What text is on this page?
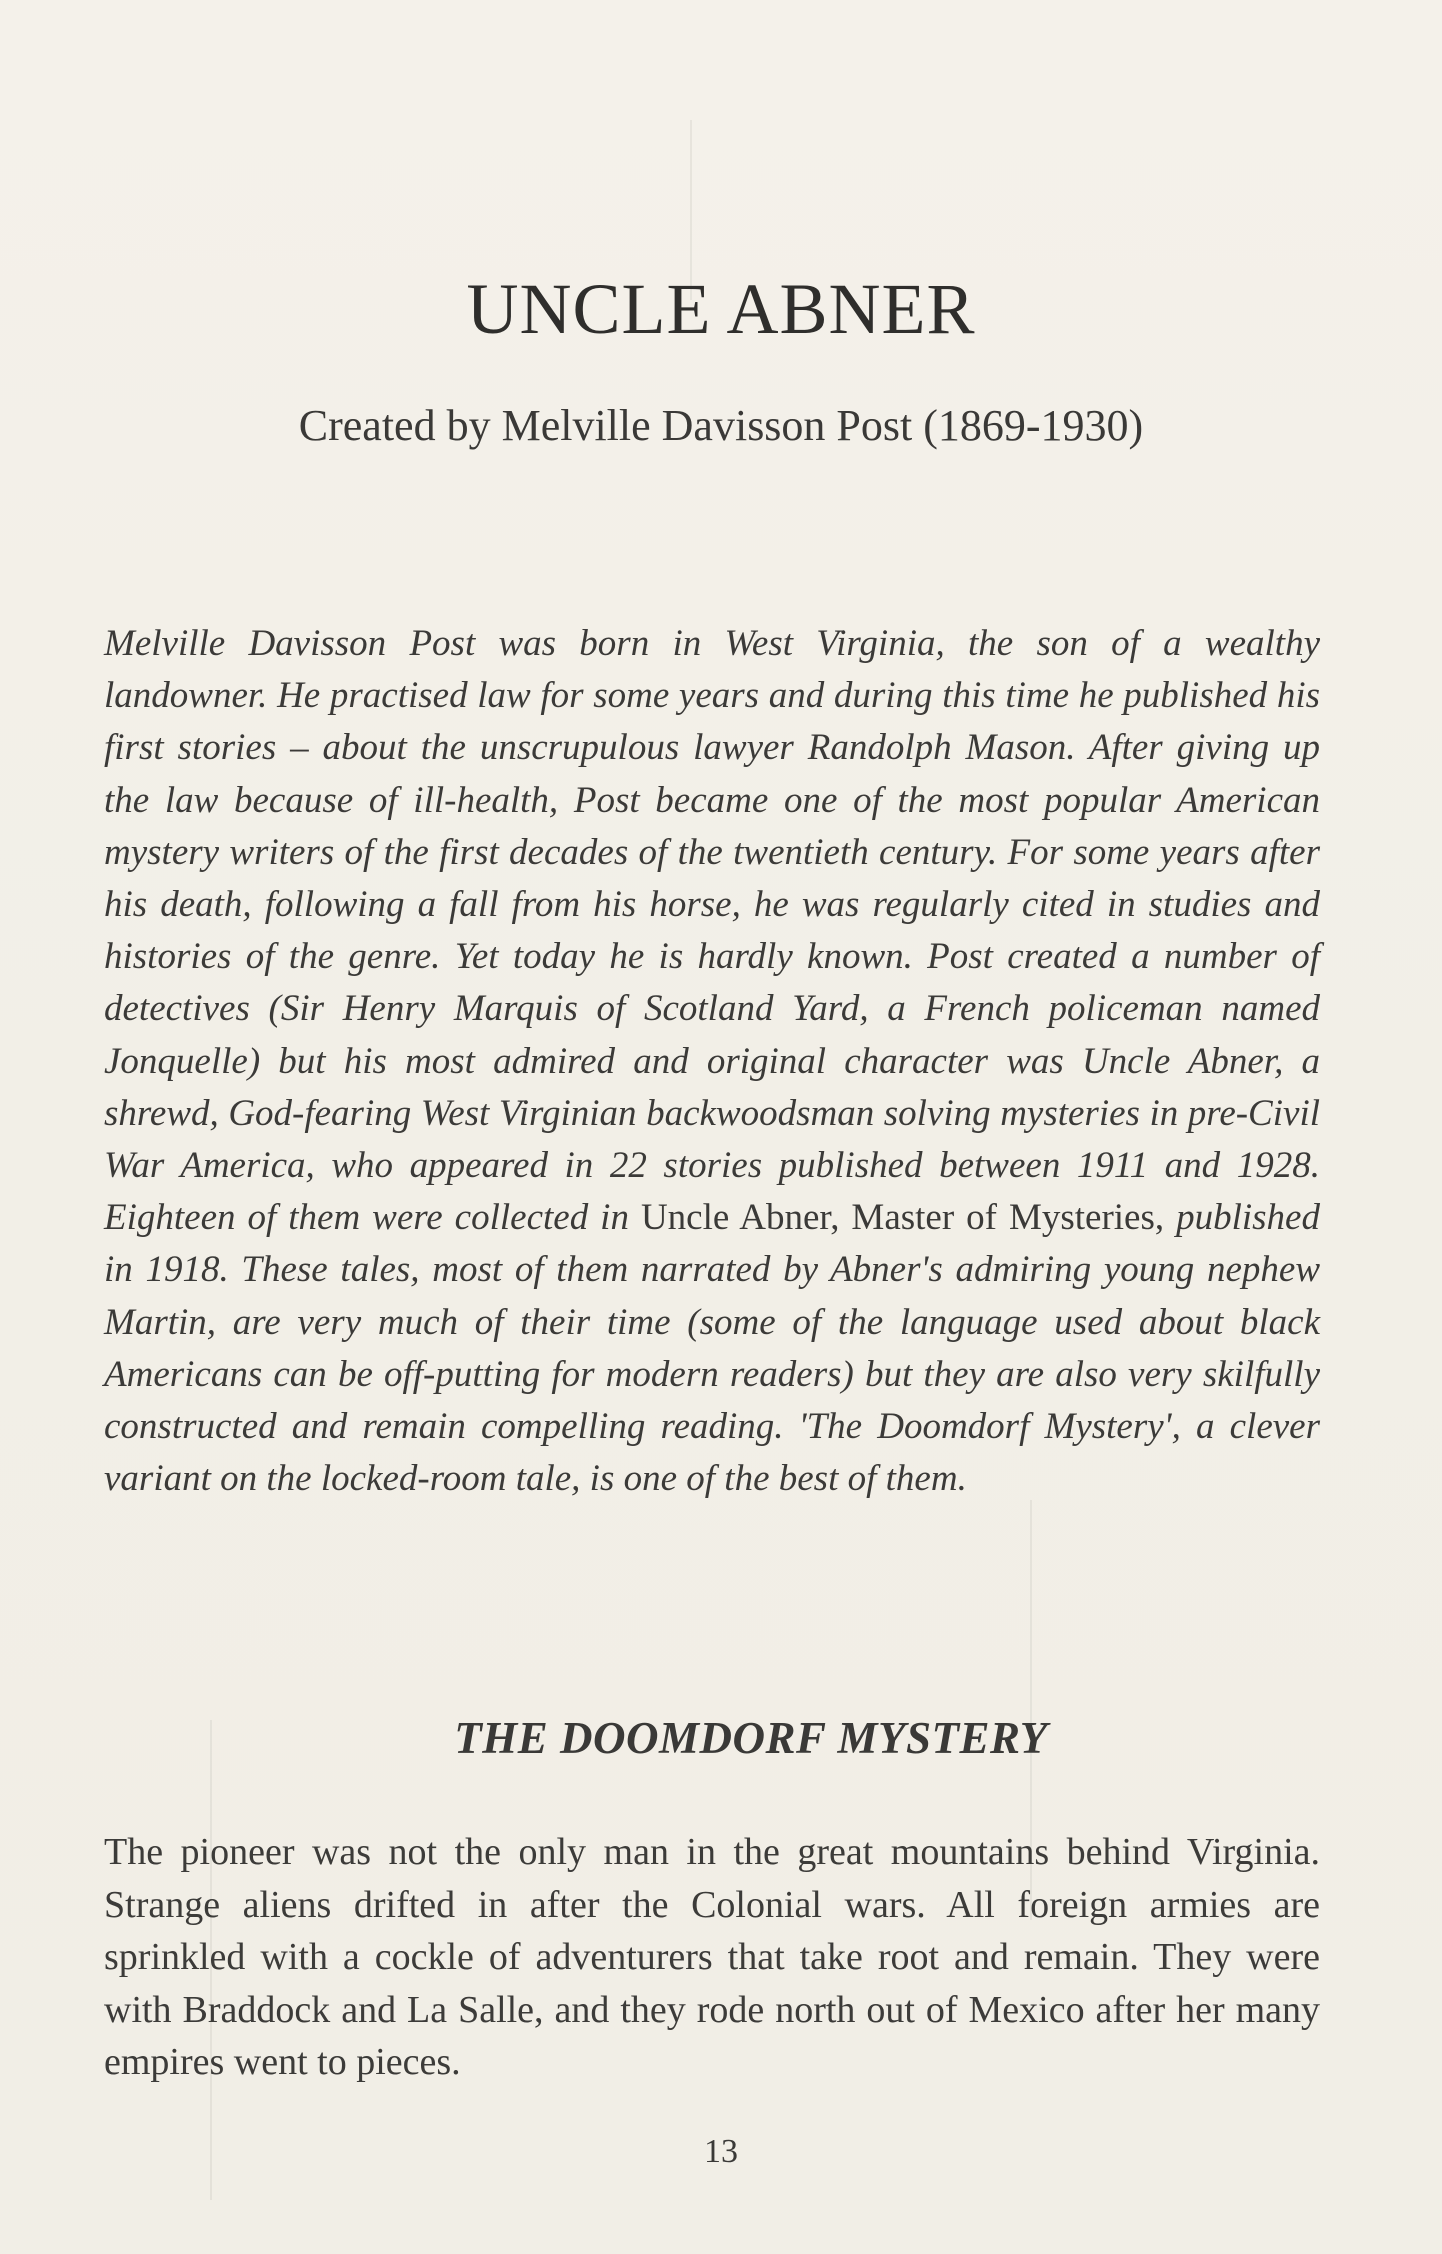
UNCLE ABNER
Created by Melville Davisson Post (1869-1930)

Melville Davisson Post was born in West Virginia, the son of a wealthy landowner. He practised law for some years and during this time he published his first stories – about the unscrupulous lawyer Randolph Mason. After giving up the law because of ill-health, Post became one of the most popular American mystery writers of the first decades of the twentieth century. For some years after his death, following a fall from his horse, he was regularly cited in studies and histories of the genre. Yet today he is hardly known. Post created a number of detectives (Sir Henry Marquis of Scotland Yard, a French policeman named Jonquelle) but his most admired and original character was Uncle Abner, a shrewd, God-fearing West Virginian backwoodsman solving mysteries in pre-Civil War America, who appeared in 22 stories published between 1911 and 1928. Eighteen of them were collected in Uncle Abner, Master of Mysteries, published in 1918. These tales, most of them narrated by Abner's admiring young nephew Martin, are very much of their time (some of the language used about black Americans can be off-putting for modern readers) but they are also very skilfully constructed and remain compelling reading. 'The Doomdorf Mystery', a clever variant on the locked-room tale, is one of the best of them.

THE DOOMDORF MYSTERY

The pioneer was not the only man in the great mountains behind Virginia. Strange aliens drifted in after the Colonial wars. All foreign armies are sprinkled with a cockle of adventurers that take root and remain. They were with Braddock and La Salle, and they rode north out of Mexico after her many empires went to pieces.

13
